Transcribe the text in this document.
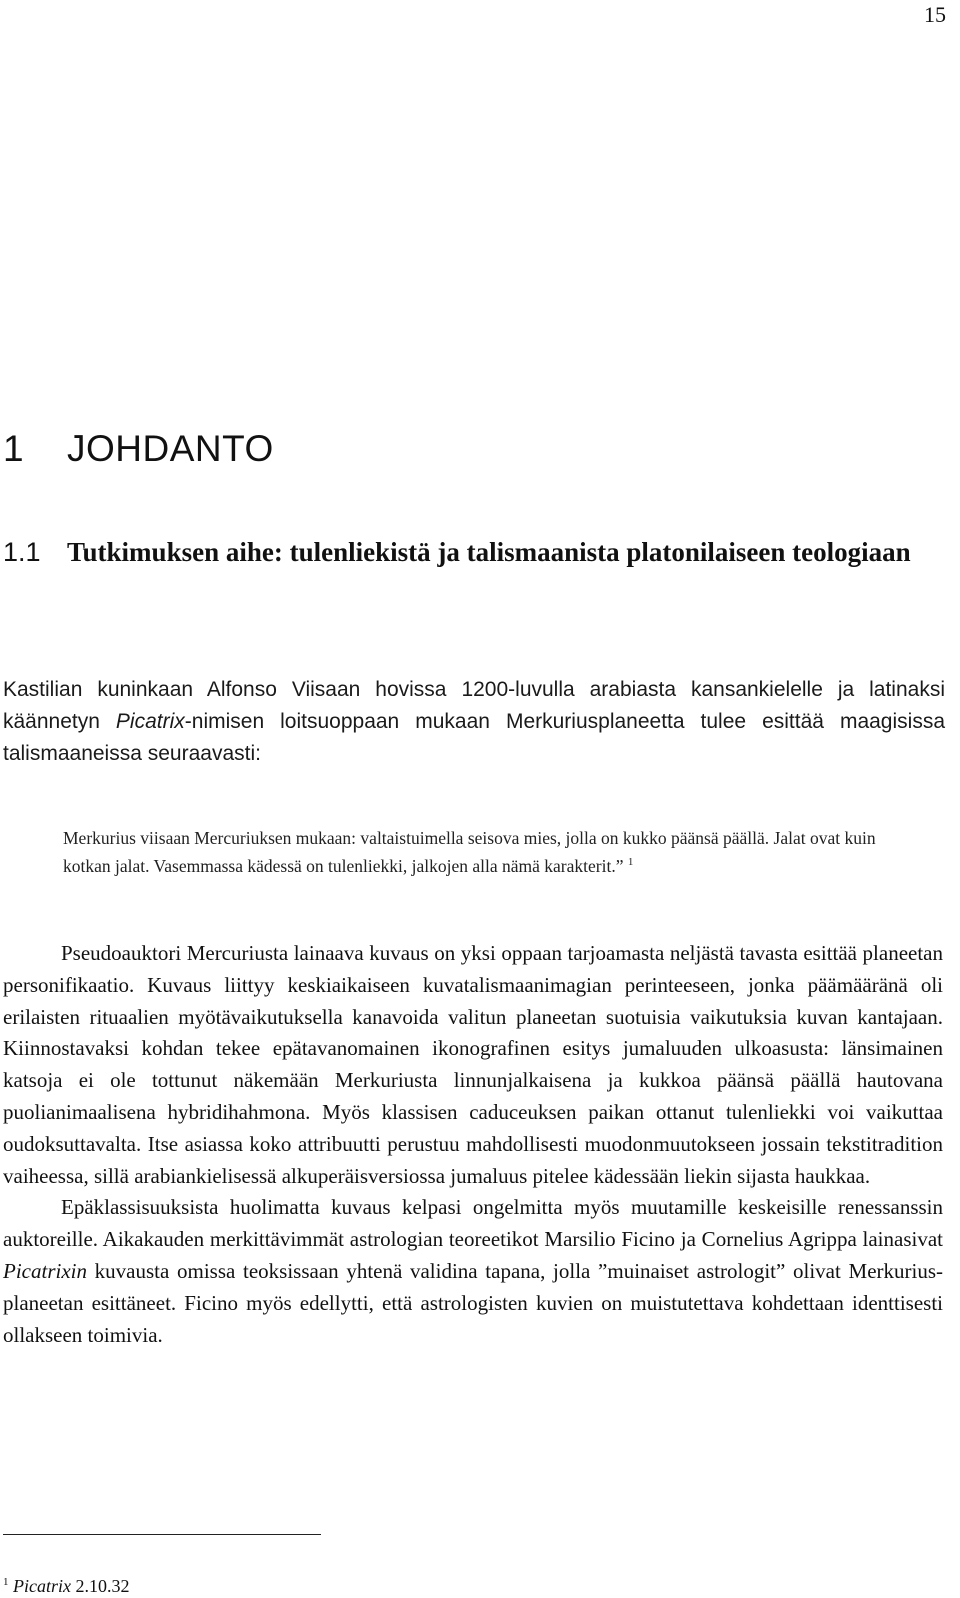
15
1 JOHDANTO
1.1 Tutkimuksen aihe: tulenliekistä ja talismaanista platonilaiseen teologiaan

Kastilian kuninkaan Alfonso Viisaan hovissa 1200-luvulla arabiasta kansankielelle ja latinaksi käännetyn Picatrix-nimisen loitsuoppaan mukaan Merkuriusplaneetta tulee esittää maagisissa talismaaneissa seuraavasti:

Merkurius viisaan Mercuriuksen mukaan: valtaistuimella seisova mies, jolla on kukko päänsä päällä. Jalat ovat kuin kotkan jalat. Vasemmassa kädessä on tulenliekki, jalkojen alla nämä karakterit.” $^1$

Pseudoauktori Mercuriusta lainaava kuvaus on yksi oppaan tarjoamasta neljästä tavasta esittää planeetan personifikaatio. Kuvaus liittyy keskiaikaiseen kuvatalismaanimagian perinteeseen, jonka päämääränä oli erilaisten rituaalien myötävaikutuksella kanavoida valitun planeetan suotuisia vaikutuksia kuvan kantajaan. Kiinnostavaksi kohdan tekee epätavanomainen ikonografinen esitys jumaluuden ulkoasusta: länsimainen katsoja ei ole tottunut näkemään Merkuriusta linnunjalkaisena ja kukkoa päänsä päällä hautovana puolianimaalisena hybridihahmona. Myös klassisen caduceuksen paikan ottanut tulenliekki voi vaikuttaa oudoksuttavalta. Itse asiassa koko attribuutti perustuu mahdollisesti muodonmuutokseen jossain tekstitradition vaiheessa, sillä arabiankielisessä alkuperäisversiossa jumaluus pitelee kädessään liekin sijasta haukkaa.

Epäklassisuuksista huolimatta kuvaus kelpasi ongelmitta myös muutamille keskeisille renessanssin auktoreille. Aikakauden merkittävimmät astrologian teoreetikot Marsilio Ficino ja Cornelius Agrippa lainasivat Picatrixin kuvausta omissa teoksissaan yhtenä validina tapana, jolla ”muinaiset astrologit” olivat Merkurius-planeetan esittäneet. Ficino myös edellytti, että astrologisten kuvien on muistutettava kohdettaan identtisesti ollakseen toimivia.

$^1$ Picatrix 2.10.32
